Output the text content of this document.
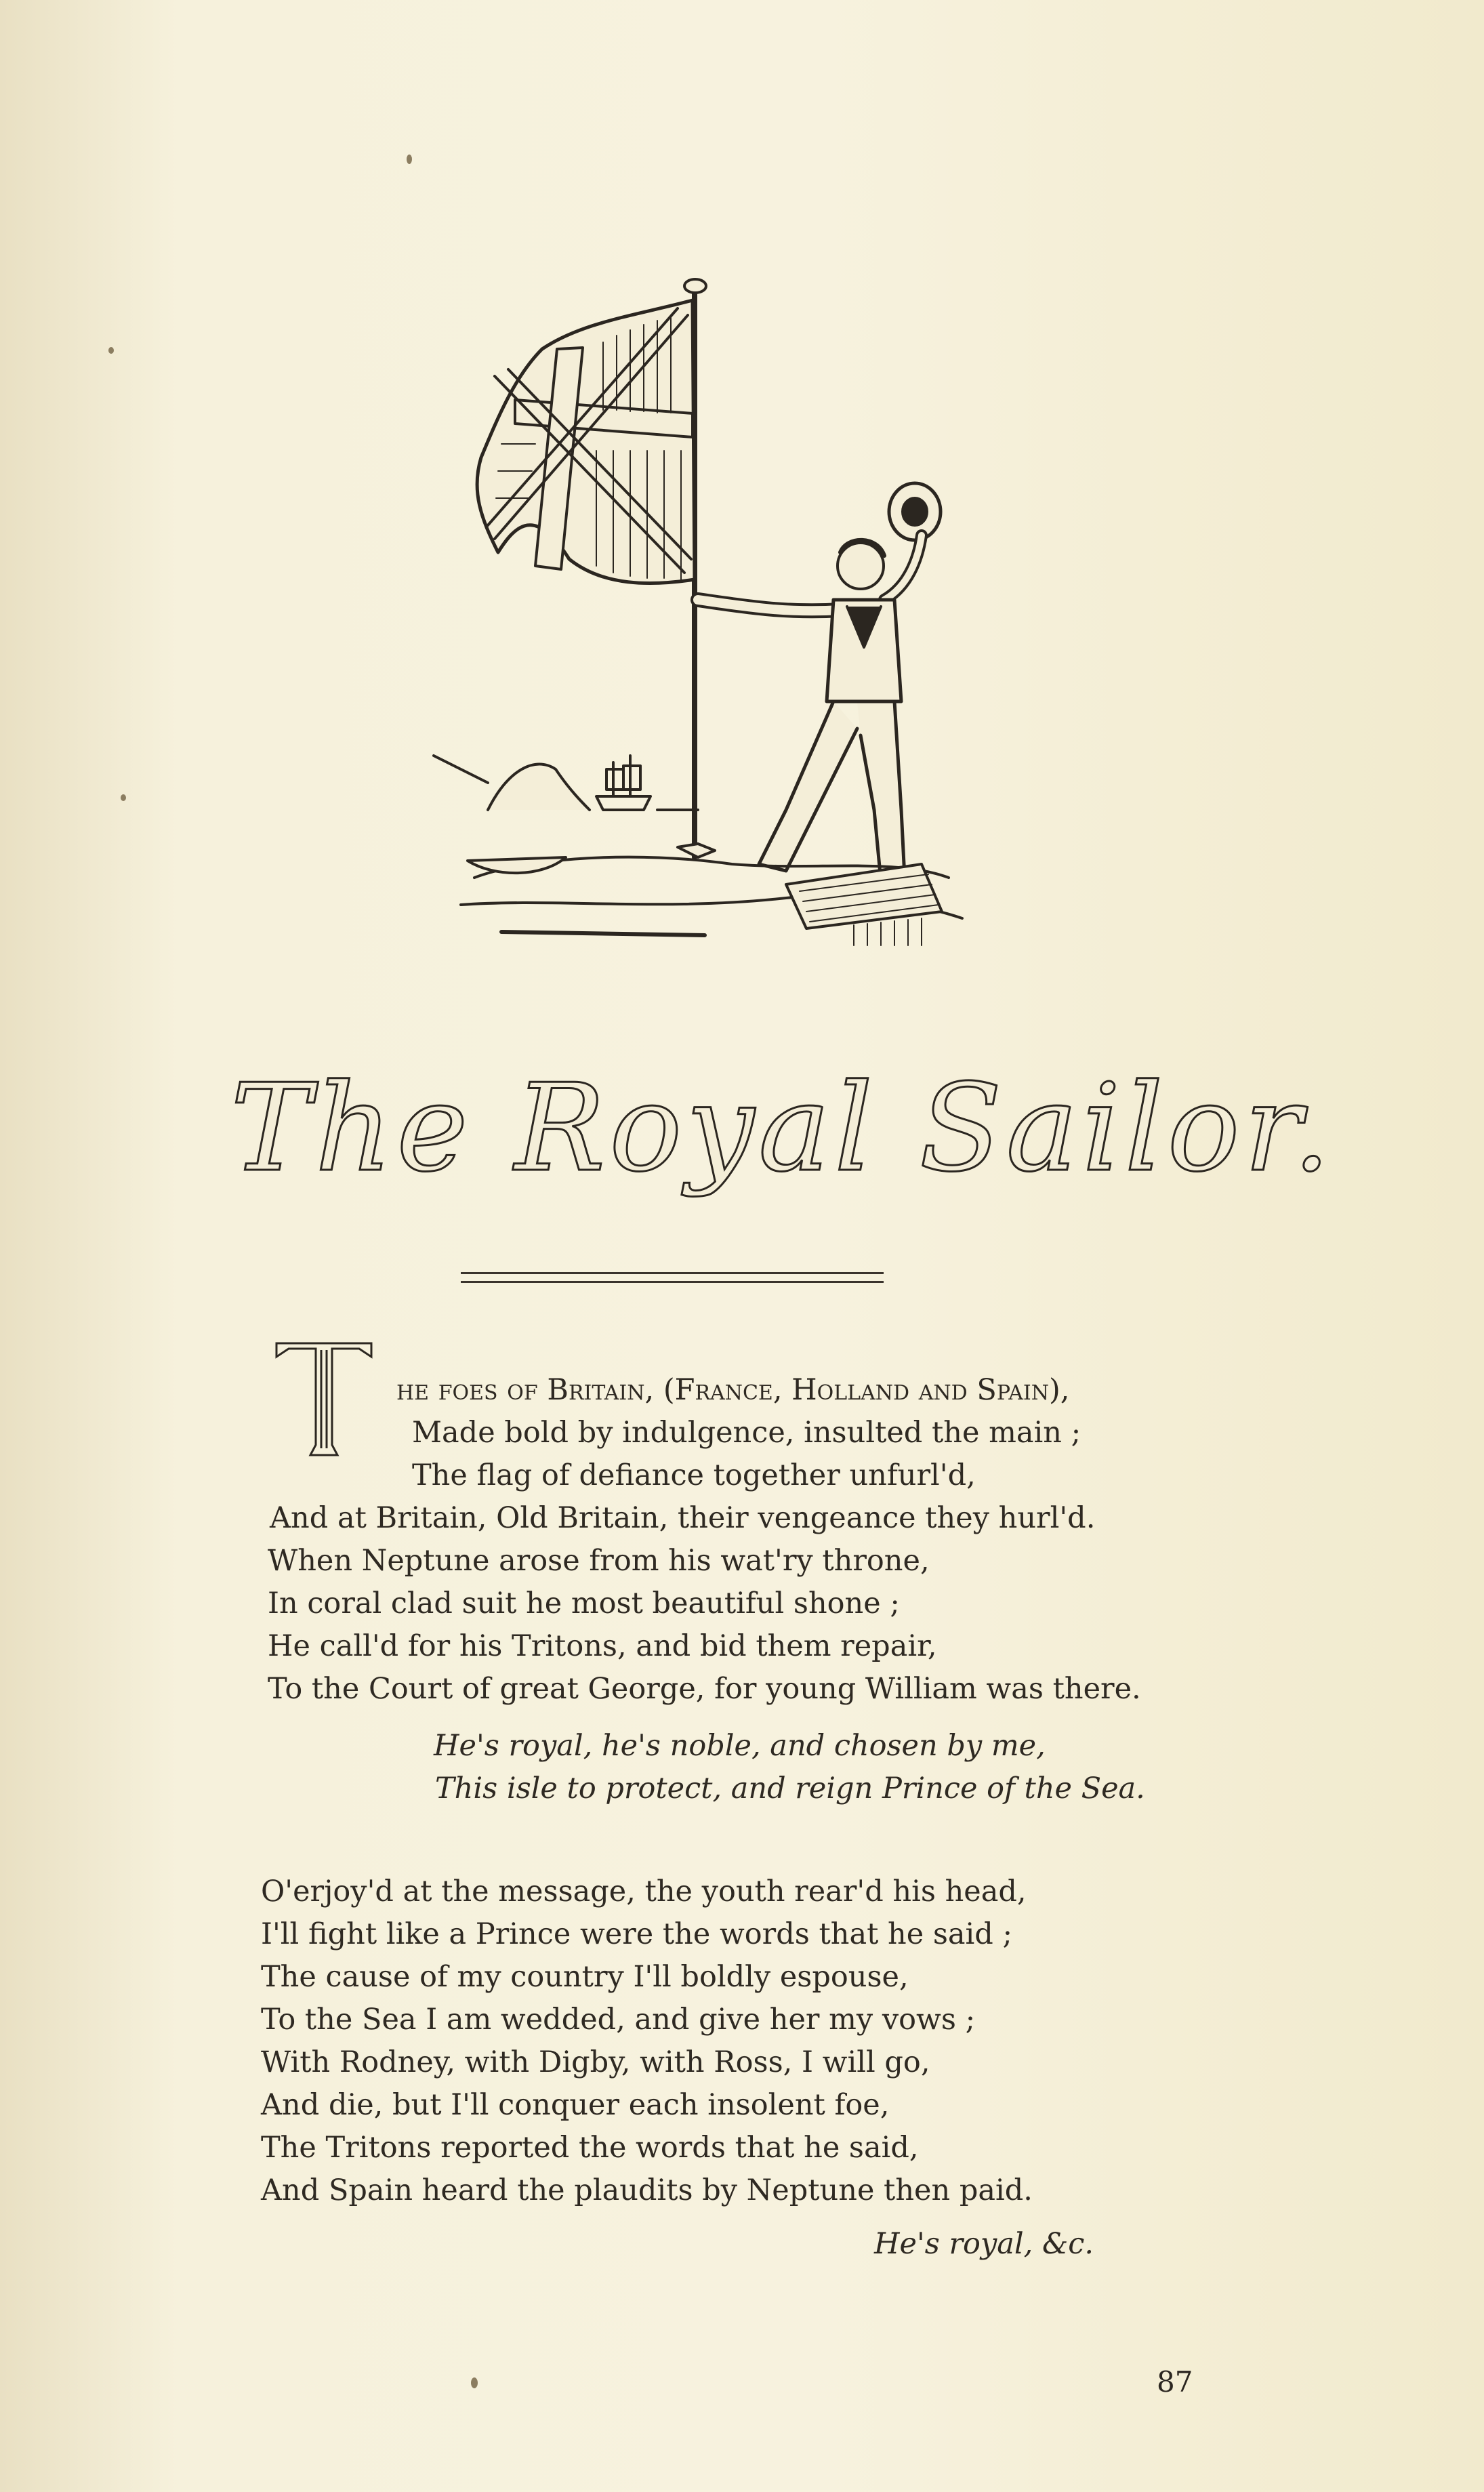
The Royal Sailor.
T
he foes of Britain, (France, Holland and Spain),
Made bold by indulgence, insulted the main ;
The flag of defiance together unfurl'd,
And at Britain, Old Britain, their vengeance they hurl'd.
When Neptune arose from his wat'ry throne,
In coral clad suit he most beautiful shone ;
He call'd for his Tritons, and bid them repair,
To the Court of great George, for young William was there.
He's royal, he's noble, and chosen by me,
This isle to protect, and reign Prince of the Sea.
O'erjoy'd at the message, the youth rear'd his head,
I'll fight like a Prince were the words that he said ;
The cause of my country I'll boldly espouse,
To the Sea I am wedded, and give her my vows ;
With Rodney, with Digby, with Ross, I will go,
And die, but I'll conquer each insolent foe,
The Tritons reported the words that he said,
And Spain heard the plaudits by Neptune then paid.
He's royal, &c.
87
